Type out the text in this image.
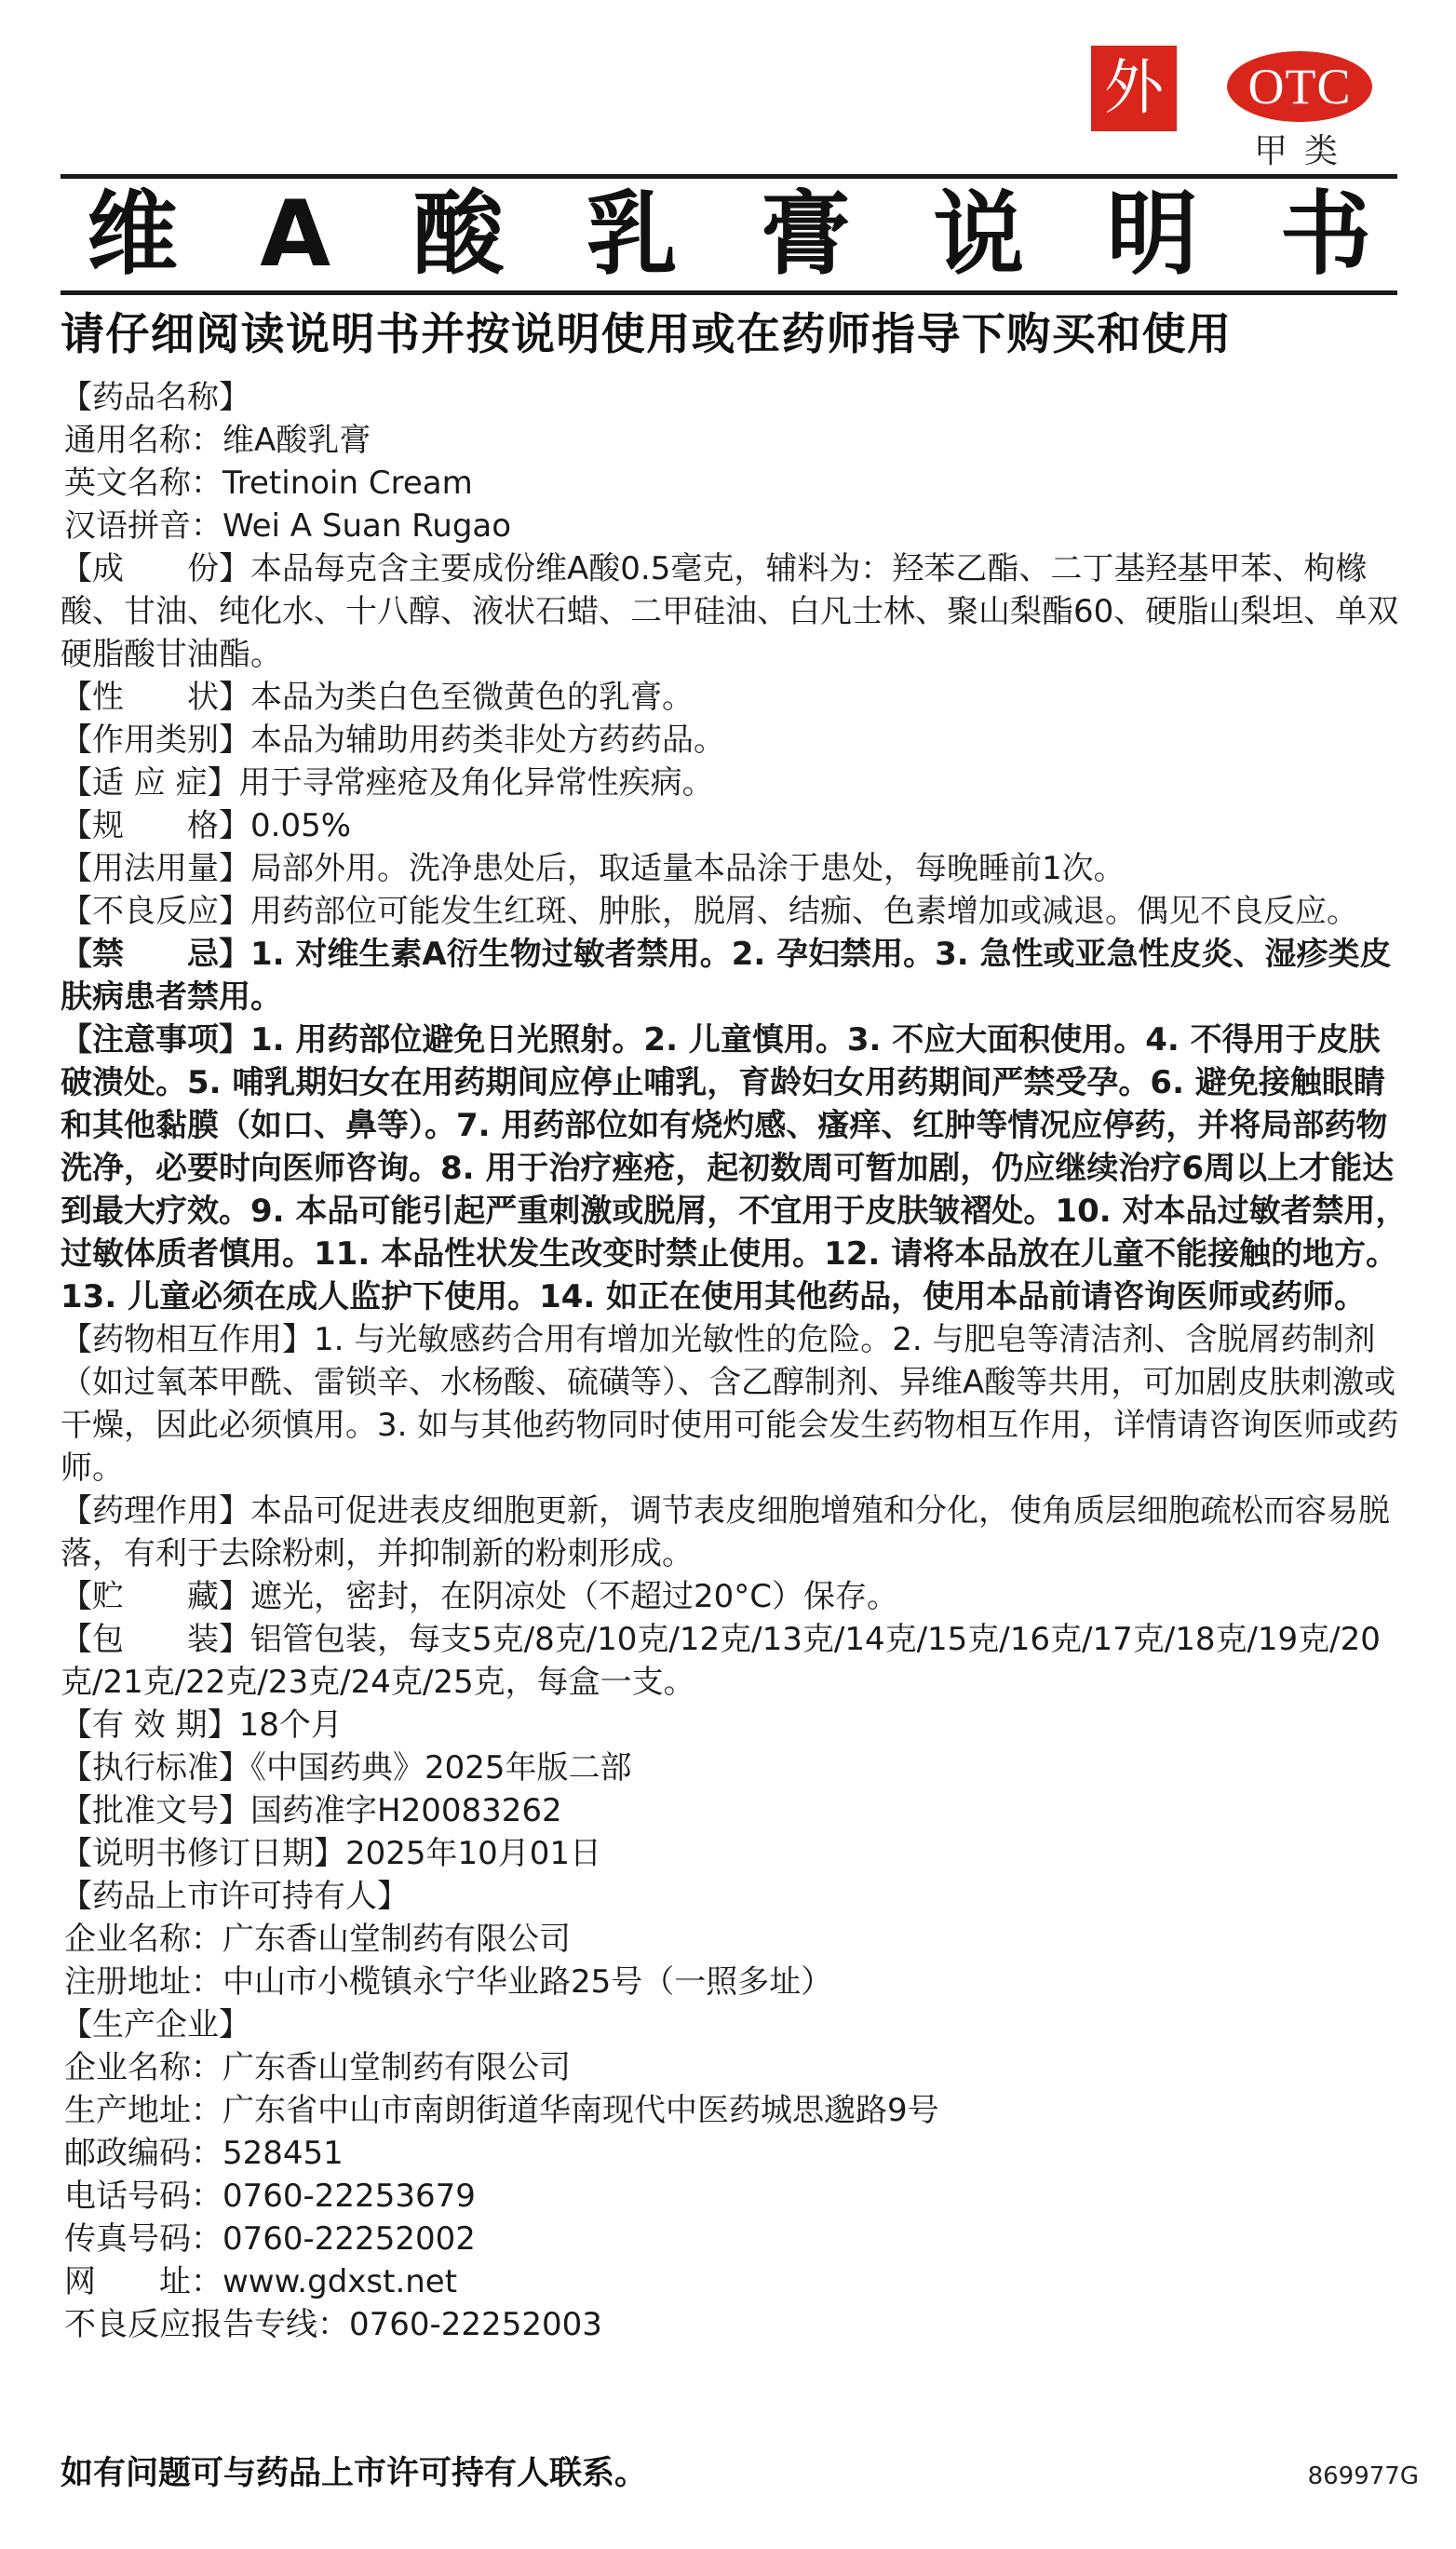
外 OTC
甲类
维 A 酸 乳 膏 说 明 书
请仔细阅读说明书并按说明使用或在药师指导下购买和使用
【药品名称】
通用名称：维A酸乳膏
英文名称：Tretinoin Cream
汉语拼音：Wei A Suan Rugao
【成　　份】本品每克含主要成份维A酸0.5毫克，辅料为：羟苯乙酯、二丁基羟基甲苯、枸橼酸、甘油、纯化水、十八醇、液状石蜡、二甲硅油、白凡士林、聚山梨酯60、硬脂山梨坦、单双硬脂酸甘油酯。
【性　　状】本品为类白色至微黄色的乳膏。
【作用类别】本品为辅助用药类非处方药药品。
【适 应 症】用于寻常痤疮及角化异常性疾病。
【规　　格】0.05%
【用法用量】局部外用。洗净患处后，取适量本品涂于患处，每晚睡前1次。
【不良反应】用药部位可能发生红斑、肿胀，脱屑、结痂、色素增加或减退。偶见不良反应。
【禁　　忌】1. 对维生素A衍生物过敏者禁用。2. 孕妇禁用。3. 急性或亚急性皮炎、湿疹类皮肤病患者禁用。
【注意事项】1. 用药部位避免日光照射。2. 儿童慎用。3. 不应大面积使用。4. 不得用于皮肤破溃处。5. 哺乳期妇女在用药期间应停止哺乳，育龄妇女用药期间严禁受孕。6. 避免接触眼睛和其他黏膜（如口、鼻等）。7. 用药部位如有烧灼感、瘙痒、红肿等情况应停药，并将局部药物洗净，必要时向医师咨询。8. 用于治疗痤疮，起初数周可暂加剧，仍应继续治疗6周以上才能达到最大疗效。9. 本品可能引起严重刺激或脱屑，不宜用于皮肤皱褶处。10. 对本品过敏者禁用，过敏体质者慎用。11. 本品性状发生改变时禁止使用。12. 请将本品放在儿童不能接触的地方。13. 儿童必须在成人监护下使用。14. 如正在使用其他药品，使用本品前请咨询医师或药师。
【药物相互作用】1. 与光敏感药合用有增加光敏性的危险。2. 与肥皂等清洁剂、含脱屑药制剂（如过氧苯甲酰、雷锁辛、水杨酸、硫磺等）、含乙醇制剂、异维A酸等共用，可加剧皮肤刺激或干燥，因此必须慎用。3. 如与其他药物同时使用可能会发生药物相互作用，详情请咨询医师或药师。
【药理作用】本品可促进表皮细胞更新，调节表皮细胞增殖和分化，使角质层细胞疏松而容易脱落，有利于去除粉刺，并抑制新的粉刺形成。
【贮　　藏】遮光，密封，在阴凉处（不超过20°C）保存。
【包　　装】铝管包装，每支5克/8克/10克/12克/13克/14克/15克/16克/17克/18克/19克/20克/21克/22克/23克/24克/25克，每盒一支。
【有 效 期】18个月
【执行标准】《中国药典》2025年版二部
【批准文号】国药准字H20083262
【说明书修订日期】2025年10月01日
【药品上市许可持有人】
企业名称：广东香山堂制药有限公司
注册地址：中山市小榄镇永宁华业路25号（一照多址）
【生产企业】
企业名称：广东香山堂制药有限公司
生产地址：广东省中山市南朗街道华南现代中医药城思邈路9号
邮政编码：528451
电话号码：0760-22253679
传真号码：0760-22252002
网　　址：www.gdxst.net
不良反应报告专线：0760-22252003
如有问题可与药品上市许可持有人联系。	869977G
